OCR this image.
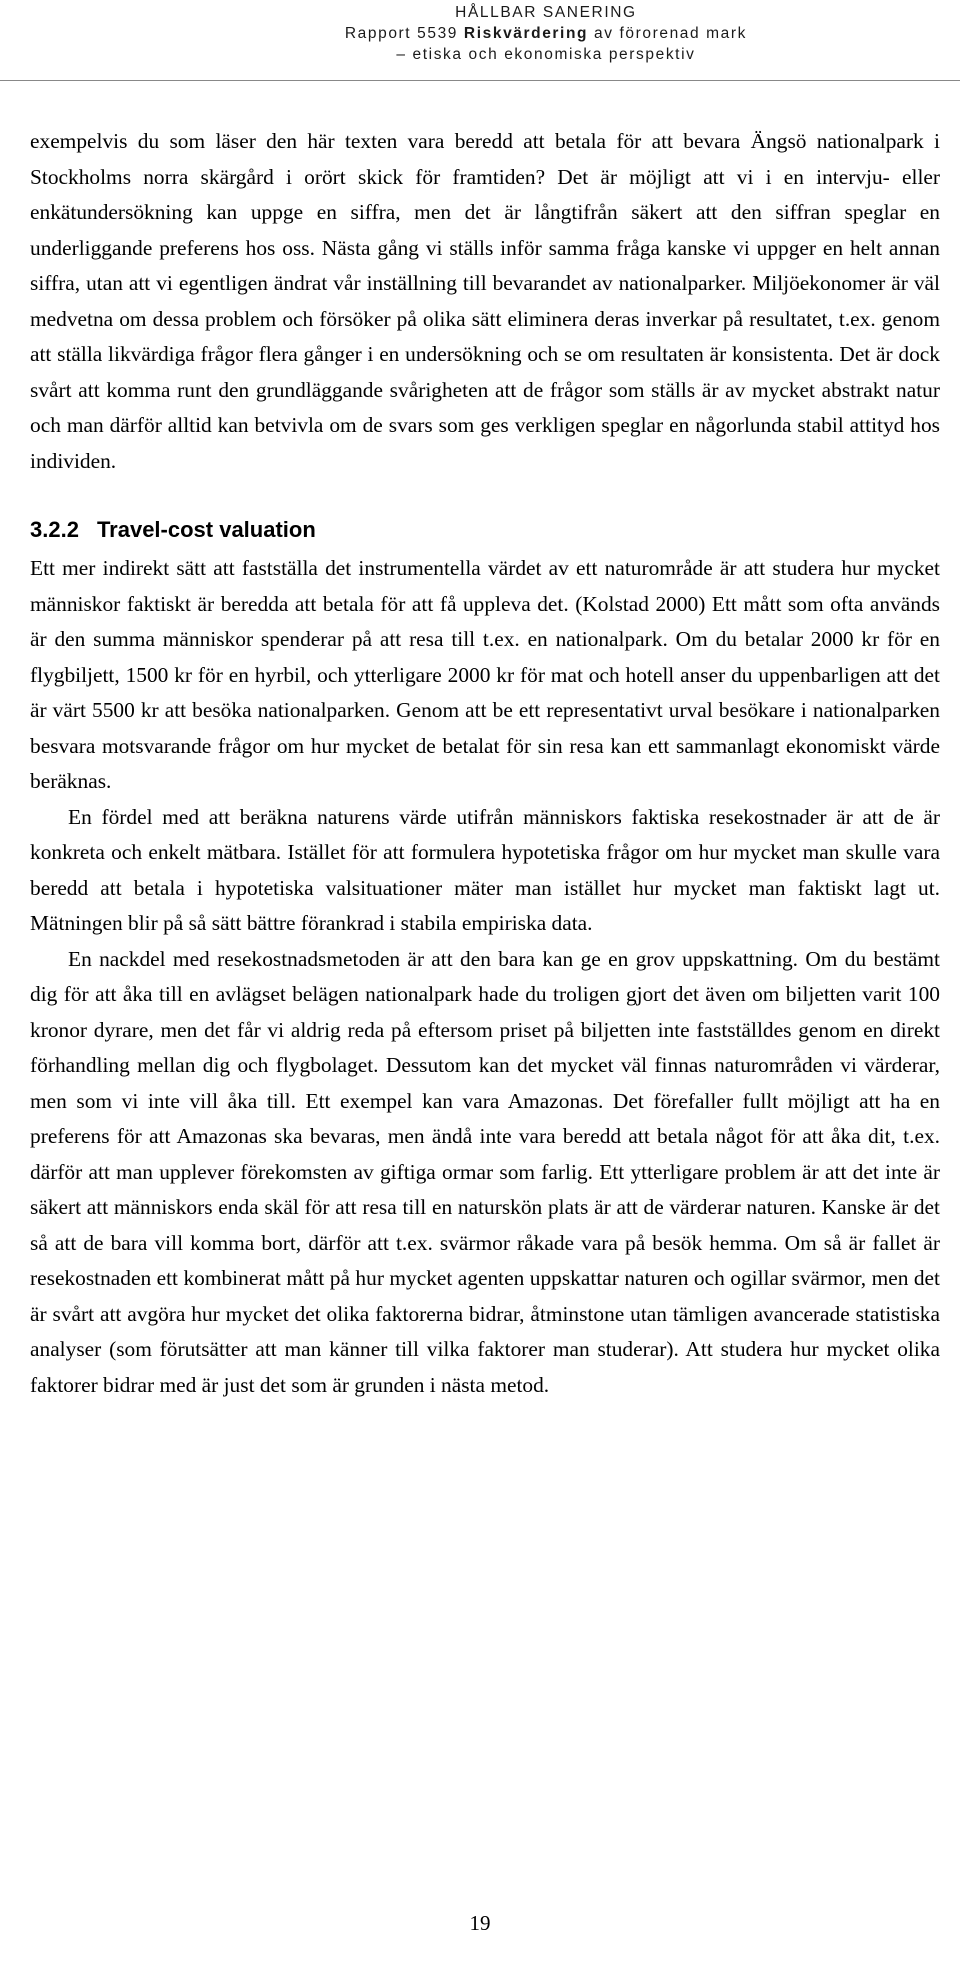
HÅLLBAR SANERING
Rapport 5539 Riskvärdering av förorenad mark
– etiska och ekonomiska perspektiv

exempelvis du som läser den här texten vara beredd att betala för att bevara Ängsö nationalpark i Stockholms norra skärgård i orört skick för framtiden? Det är möjligt att vi i en intervju- eller enkätundersökning kan uppge en siffra, men det är långtifrån säkert att den siffran speglar en underliggande preferens hos oss. Nästa gång vi ställs inför samma fråga kanske vi uppger en helt annan siffra, utan att vi egentligen ändrat vår inställning till bevarandet av nationalparker. Miljöekonomer är väl medvetna om dessa problem och försöker på olika sätt eliminera deras inverkar på resultatet, t.ex. genom att ställa likvärdiga frågor flera gånger i en undersökning och se om resultaten är konsistenta. Det är dock svårt att komma runt den grundläggande svårigheten att de frågor som ställs är av mycket abstrakt natur och man därför alltid kan betvivla om de svars som ges verkligen speglar en någorlunda stabil attityd hos individen.

3.2.2 Travel-cost valuation

Ett mer indirekt sätt att fastställa det instrumentella värdet av ett naturområde är att studera hur mycket människor faktiskt är beredda att betala för att få uppleva det. (Kolstad 2000) Ett mått som ofta används är den summa människor spenderar på att resa till t.ex. en nationalpark. Om du betalar 2000 kr för en flygbiljett, 1500 kr för en hyrbil, och ytterligare 2000 kr för mat och hotell anser du uppenbarligen att det är värt 5500 kr att besöka nationalparken. Genom att be ett representativt urval besökare i nationalparken besvara motsvarande frågor om hur mycket de betalat för sin resa kan ett sammanlagt ekonomiskt värde beräknas.

En fördel med att beräkna naturens värde utifrån människors faktiska resekostnader är att de är konkreta och enkelt mätbara. Istället för att formulera hypotetiska frågor om hur mycket man skulle vara beredd att betala i hypotetiska valsituationer mäter man istället hur mycket man faktiskt lagt ut. Mätningen blir på så sätt bättre förankrad i stabila empiriska data.

En nackdel med resekostnadsmetoden är att den bara kan ge en grov uppskattning. Om du bestämt dig för att åka till en avlägset belägen nationalpark hade du troligen gjort det även om biljetten varit 100 kronor dyrare, men det får vi aldrig reda på eftersom priset på biljetten inte fastställdes genom en direkt förhandling mellan dig och flygbolaget. Dessutom kan det mycket väl finnas naturområden vi värderar, men som vi inte vill åka till. Ett exempel kan vara Amazonas. Det förefaller fullt möjligt att ha en preferens för att Amazonas ska bevaras, men ändå inte vara beredd att betala något för att åka dit, t.ex. därför att man upplever förekomsten av giftiga ormar som farlig. Ett ytterligare problem är att det inte är säkert att människors enda skäl för att resa till en naturskön plats är att de värderar naturen. Kanske är det så att de bara vill komma bort, därför att t.ex. svärmor råkade vara på besök hemma. Om så är fallet är resekostnaden ett kombinerat mått på hur mycket agenten uppskattar naturen och ogillar svärmor, men det är svårt att avgöra hur mycket det olika faktorerna bidrar, åtminstone utan tämligen avancerade statistiska analyser (som förutsätter att man känner till vilka faktorer man studerar). Att studera hur mycket olika faktorer bidrar med är just det som är grunden i nästa metod.

19
